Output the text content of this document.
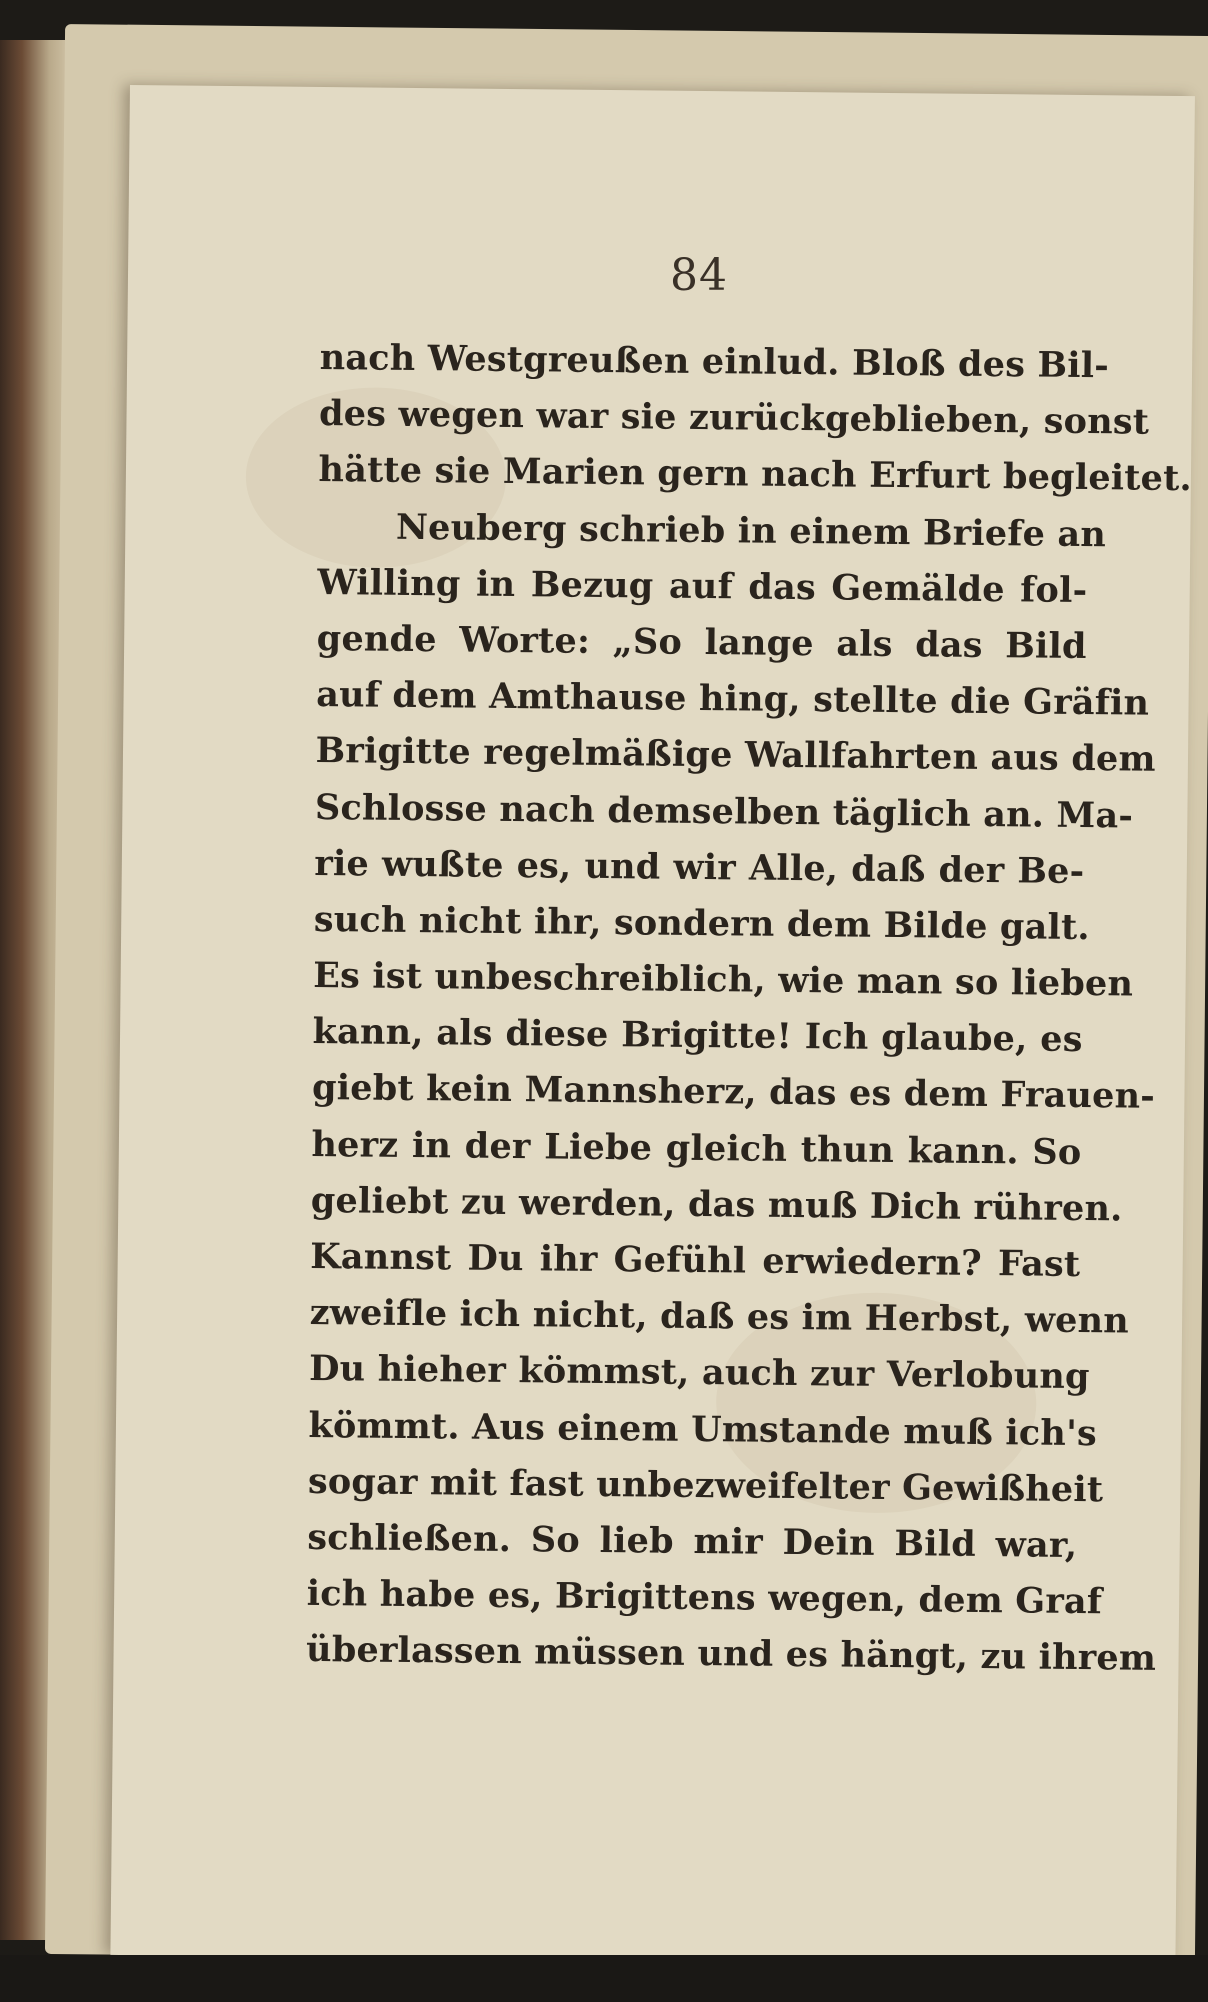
84
nach Westgreußen einlud. Bloß des Bil-
des wegen war sie zurückgeblieben, sonst
hätte sie Marien gern nach Erfurt begleitet.
Neuberg schrieb in einem Briefe an
Willing in Bezug auf das Gemälde fol-
gende Worte: „So lange als das Bild
auf dem Amthause hing, stellte die Gräfin
Brigitte regelmäßige Wallfahrten aus dem
Schlosse nach demselben täglich an. Ma-
rie wußte es, und wir Alle, daß der Be-
such nicht ihr, sondern dem Bilde galt.
Es ist unbeschreiblich, wie man so lieben
kann, als diese Brigitte! Ich glaube, es
giebt kein Mannsherz, das es dem Frauen-
herz in der Liebe gleich thun kann. So
geliebt zu werden, das muß Dich rühren.
Kannst Du ihr Gefühl erwiedern? Fast
zweifle ich nicht, daß es im Herbst, wenn
Du hieher kömmst, auch zur Verlobung
kömmt. Aus einem Umstande muß ich's
sogar mit fast unbezweifelter Gewißheit
schließen. So lieb mir Dein Bild war,
ich habe es, Brigittens wegen, dem Graf
überlassen müssen und es hängt, zu ihrem
